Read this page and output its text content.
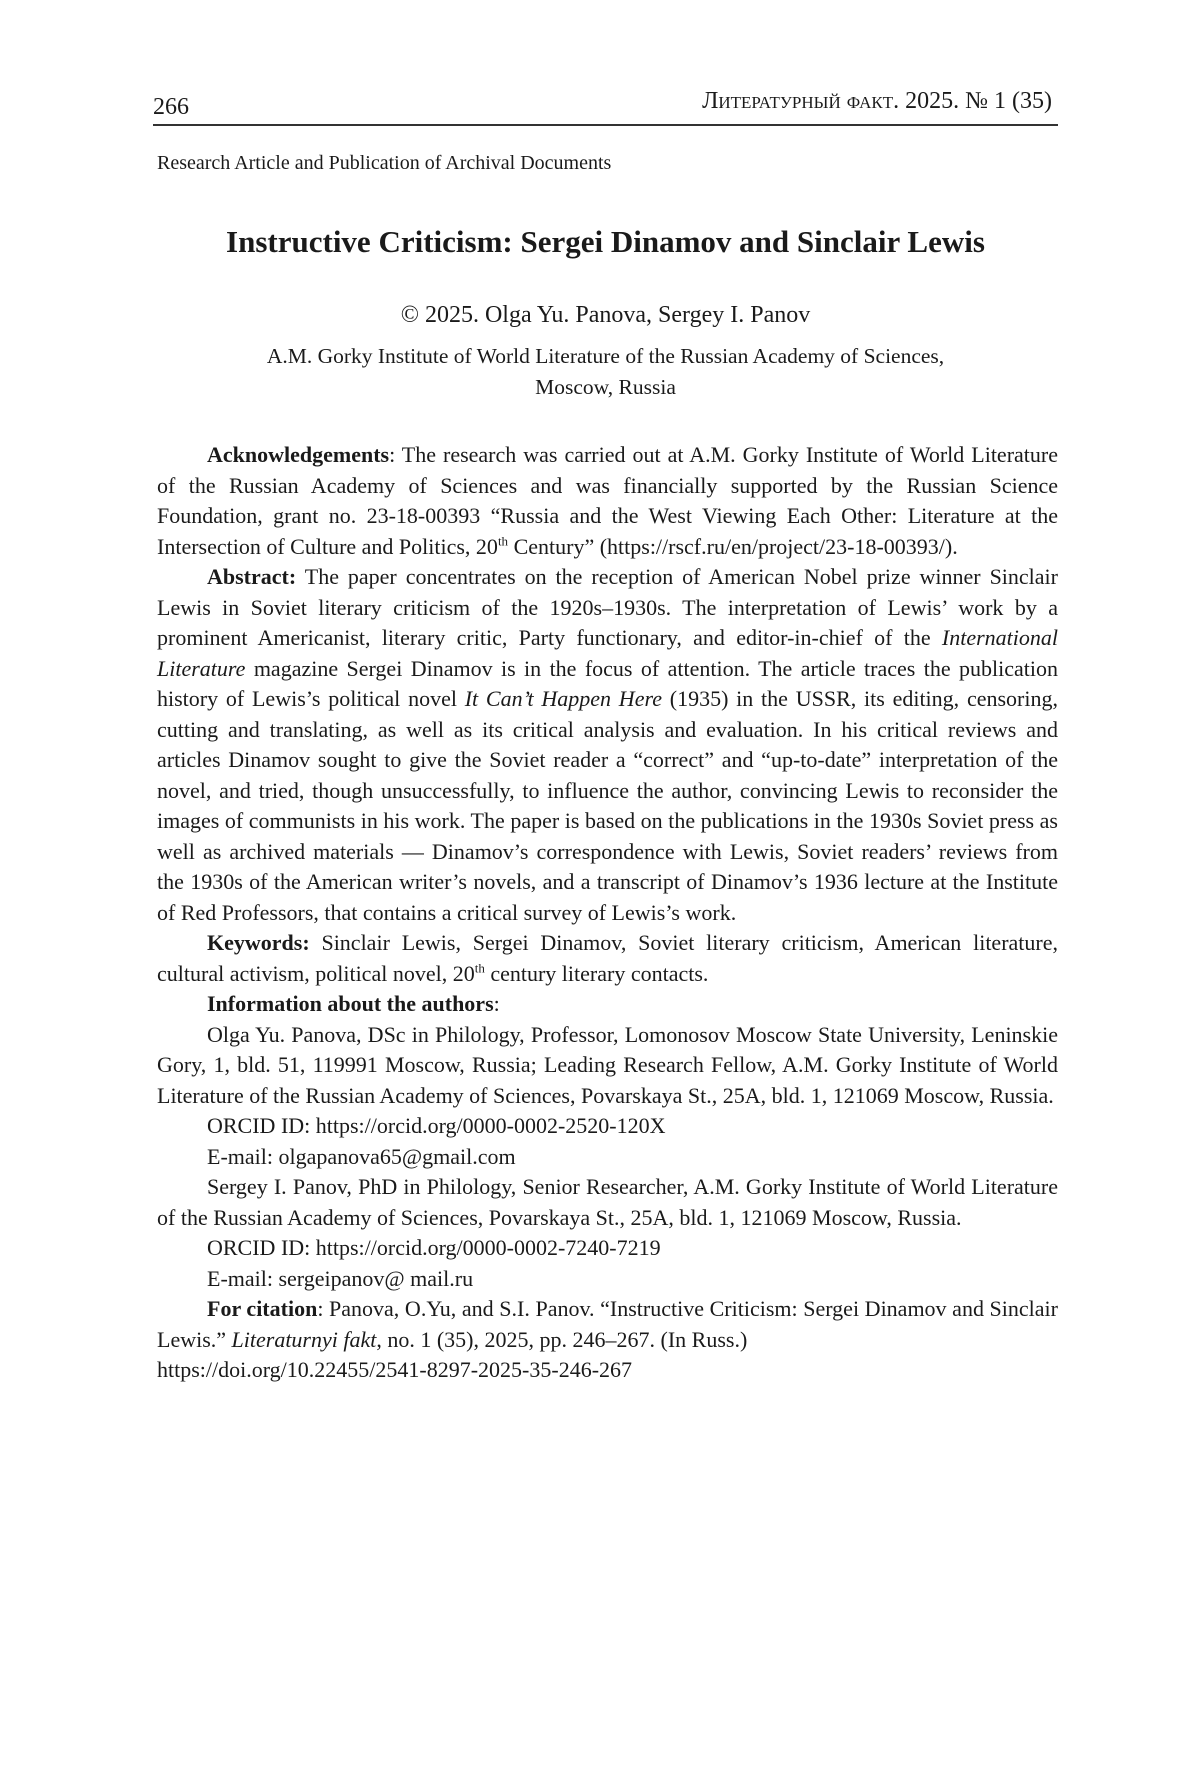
266	Литературный факт. 2025. № 1 (35)
Research Article and Publication of Archival Documents
Instructive Criticism: Sergei Dinamov and Sinclair Lewis
© 2025. Olga Yu. Panova, Sergey I. Panov
A.M. Gorky Institute of World Literature of the Russian Academy of Sciences,
Moscow, Russia

Acknowledgements: The research was carried out at A.M. Gorky Institute of World Literature of the Russian Academy of Sciences and was financially supported by the Russian Science Foundation, grant no. 23-18-00393 “Russia and the West Viewing Each Other: Literature at the Intersection of Culture and Politics, 20th Century” (https://rscf.ru/en/project/23-18-00393/).

Abstract: The paper concentrates on the reception of American Nobel prize winner Sinclair Lewis in Soviet literary criticism of the 1920s–1930s. The interpretation of Lewis’ work by a prominent Americanist, literary critic, Party functionary, and editor-in-chief of the International Literature magazine Sergei Dinamov is in the focus of attention. The article traces the publication history of Lewis’s political novel It Can’t Happen Here (1935) in the USSR, its editing, censoring, cutting and translating, as well as its critical analysis and evaluation. In his critical reviews and articles Dinamov sought to give the Soviet reader a “correct” and “up-to-date” interpretation of the novel, and tried, though unsuccessfully, to influence the author, convincing Lewis to reconsider the images of communists in his work. The paper is based on the publications in the 1930s Soviet press as well as archived materials — Dinamov’s correspondence with Lewis, Soviet readers’ reviews from the 1930s of the American writer’s novels, and a transcript of Dinamov’s 1936 lecture at the Institute of Red Professors, that contains a critical survey of Lewis’s work.

Keywords: Sinclair Lewis, Sergei Dinamov, Soviet literary criticism, American literature, cultural activism, political novel, 20th century literary contacts.

Information about the authors:

Olga Yu. Panova, DSc in Philology, Professor, Lomonosov Moscow State University, Leninskie Gory, 1, bld. 51, 119991 Moscow, Russia; Leading Research Fellow, A.M. Gorky Institute of World Literature of the Russian Academy of Sciences, Povarskaya St., 25A, bld. 1, 121069 Moscow, Russia.

ORCID ID: https://orcid.org/0000-0002-2520-120X

E-mail: olgapanova65@gmail.com

Sergey I. Panov, PhD in Philology, Senior Researcher, A.M. Gorky Institute of World Literature of the Russian Academy of Sciences, Povarskaya St., 25A, bld. 1, 121069 Moscow, Russia.

ORCID ID: https://orcid.org/0000-0002-7240-7219

E-mail: sergeipanov@ mail.ru

For citation: Panova, O.Yu, and S.I. Panov. “Instructive Criticism: Sergei Dinamov and Sinclair Lewis.” Literaturnyi fakt, no. 1 (35), 2025, pp. 246–267. (In Russ.)

https://doi.org/10.22455/2541-8297-2025-35-246-267
